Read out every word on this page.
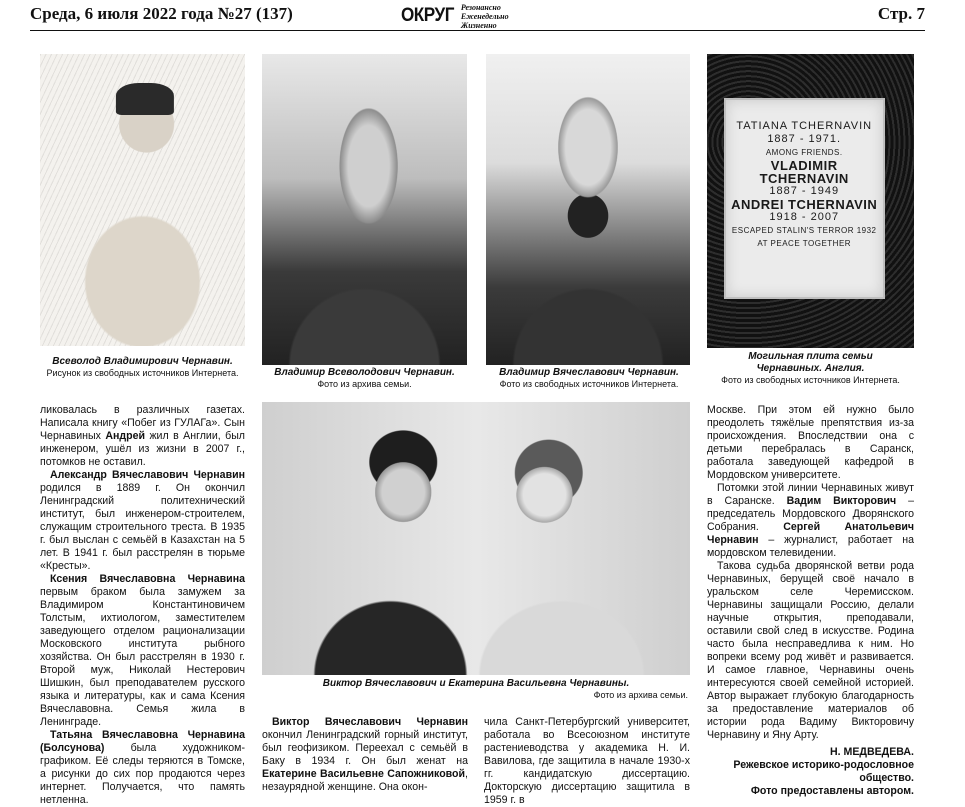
Среда, 6 июля 2022 года №27 (137)	ОКРУГ Резонансно
Еженедельно
Жизненно
Стр. 7
Всеволод Владимирович Чернавин.
Рисунок из свободных источников Интернета.	Владимир Всеволодович Чернавин.
Фото из архива семьи.
Владимир Вячеславович Чернавин.
Фото из свободных источников Интернета.
TATIANA TCHERNAVIN
1887 - 1971.
AMONG FRIENDS.
VLADIMIR TCHERNAVIN
1887 - 1949
ANDREI TCHERNAVIN
1918 - 2007
ESCAPED STALIN'S TERROR 1932
AT PEACE TOGETHER
Могильная плита семьи Чернавиных. Англия.
Фото из свободных источников Интернета.
Виктор Вячеславович и Екатерина Васильевна Чернавины.
Фото из архива семьи.

ликовалась в различных газетах. Написала книгу «Побег из ГУЛАГа». Сын Чернавиных Андрей жил в Англии, был инженером, ушёл из жизни в 2007 г., потомков не оставил.

Александр Вячеславович Чернавин родился в 1889 г. Он окончил Ленинградский политехнический институт, был инженером-строителем, служащим строительного треста. В 1935 г. был выслан с семьёй в Казахстан на 5 лет. В 1941 г. был расстрелян в тюрьме «Кресты».

Ксения Вячеславовна Чернавина первым браком была замужем за Владимиром Константиновичем Толстым, ихтиологом, заместителем заведующего отделом рационализации Московского института рыбного хозяйства. Он был расстрелян в 1930 г. Второй муж, Николай Нестерович Шишкин, был преподавателем русского языка и литературы, как и сама Ксения Вячеславовна. Семья жила в Ленинграде.

Татьяна Вячеславовна Чернавина (Болсунова) была художником-графиком. Её следы теряются в Томске, а рисунки до сих пор продаются через интернет. Получается, что память нетленна.

Виктор Вячеславович Чернавин окончил Ленинградский горный институт, был геофизиком. Переехал с семьёй в Баку в 1934 г. Он был женат на Екатерине Васильевне Сапожниковой, незаурядной женщине. Она окон-

чила Санкт-Петербургский университет, работала во Всесоюзном институте растениеводства у академика Н. И. Вавилова, где защитила в начале 1930-х гг. кандидатскую диссертацию. Докторскую диссертацию защитила в 1959 г. в

Москве. При этом ей нужно было преодолеть тяжёлые препятствия из-за происхождения. Впоследствии она с детьми перебралась в Саранск, работала заведующей кафедрой в Мордовском университете.

Потомки этой линии Чернавиных живут в Саранске. Вадим Викторович – председатель Мордовского Дворянского Собрания. Сергей Анатольевич Чернавин – журналист, работает на мордовском телевидении.

Такова судьба дворянской ветви рода Чернавиных, берущей своё начало в уральском селе Черемисском. Чернавины защищали Россию, делали научные открытия, преподавали, оставили свой след в искусстве. Родина часто была несправедлива к ним. Но вопреки всему род живёт и развивается. И самое главное, Чернавины очень интересуются своей семейной историей. Автор выражает глубокую благодарность за предоставление материалов об истории рода Вадиму Викторовичу Чернавину и Яну Арту.

Н. МЕДВЕДЕВА.

Режевское историко-родословное общество.

Фото предоставлены автором.
